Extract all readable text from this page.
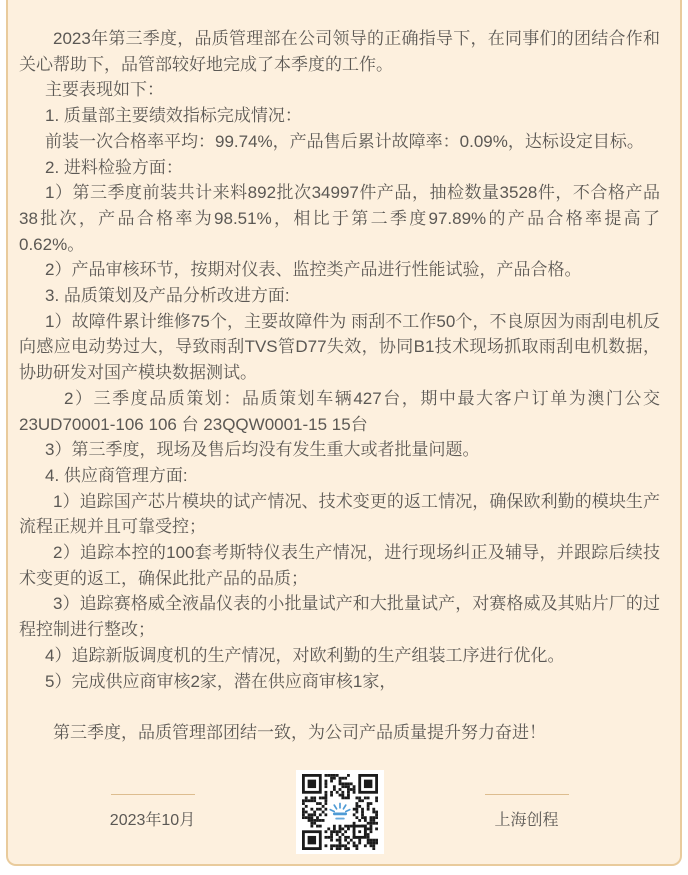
2023年第三季度，品质管理部在公司领导的正确指导下，在同事们的团结合作和关心帮助下，品管部较好地完成了本季度的工作。

主要表现如下：

1. 质量部主要绩效指标完成情况：

前装一次合格率平均：99.74%，产品售后累计故障率：0.09%，达标设定目标。

2. 进料检验方面：

1）第三季度前装共计来料892批次34997件产品，抽检数量3528件，不合格产品38批次，产品合格率为98.51%，相比于第二季度97.89%的产品合格率提高了0.62%。

2）产品审核环节，按期对仪表、监控类产品进行性能试验，产品合格。

3. 品质策划及产品分析改进方面:

1）故障件累计维修75个，主要故障件为 雨刮不工作50个，不良原因为雨刮电机反向感应电动势过大，导致雨刮TVS管D77失效，协同B1技术现场抓取雨刮电机数据，协助研发对国产模块数据测试。

2）三季度品质策划：品质策划车辆427台，期中最大客户订单为澳门公交23UD70001-106 106 台 23QQW0001-15 15台

3）第三季度，现场及售后均没有发生重大或者批量问题。

4. 供应商管理方面:

1）追踪国产芯片模块的试产情况、技术变更的返工情况，确保欧利勤的模块生产流程正规并且可靠受控；

2）追踪本控的100套考斯特仪表生产情况，进行现场纠正及辅导，并跟踪后续技术变更的返工，确保此批产品的品质；

3）追踪赛格威全液晶仪表的小批量试产和大批量试产，对赛格威及其贴片厂的过程控制进行整改；

4）追踪新版调度机的生产情况，对欧利勤的生产组装工序进行优化。

5）完成供应商审核2家，潜在供应商审核1家，

第三季度，品质管理部团结一致，为公司产品质量提升努力奋进！

2023年10月	上海创程
